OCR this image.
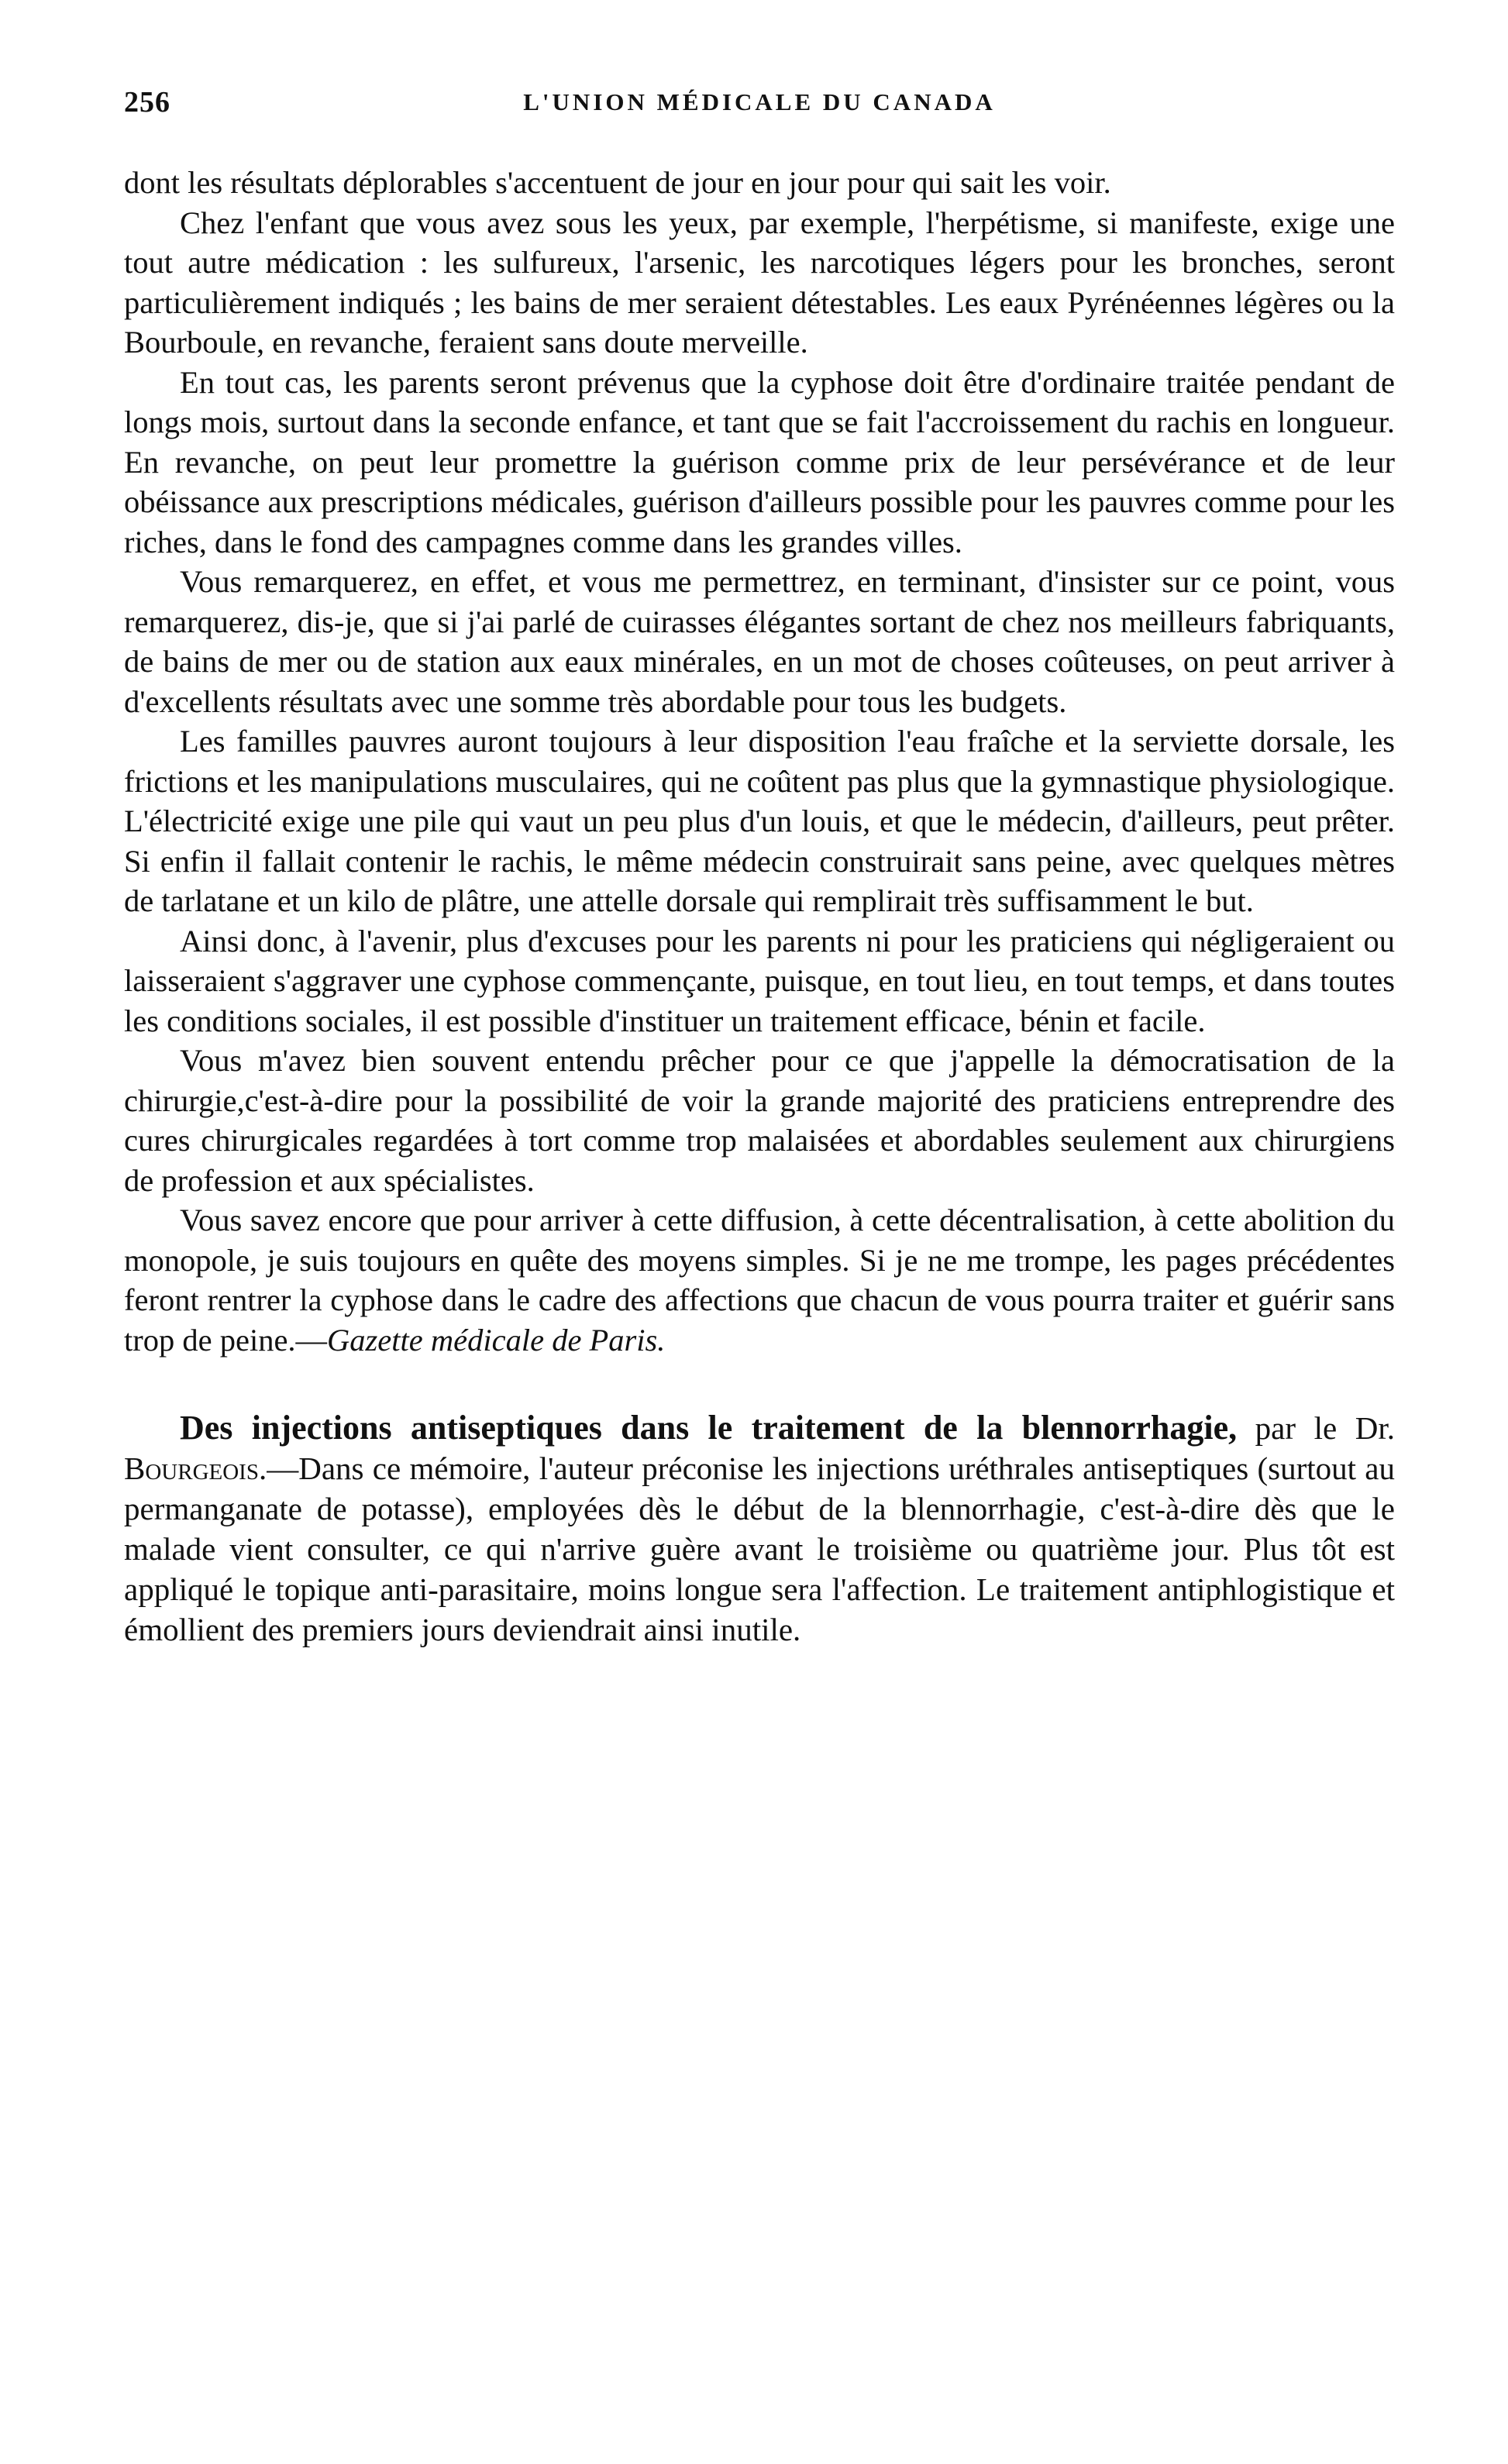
256	L'UNION MÉDICALE DU CANADA

dont les résultats déplorables s'accentuent de jour en jour pour qui sait les voir.

Chez l'enfant que vous avez sous les yeux, par exemple, l'herpétisme, si manifeste, exige une tout autre médication : les sulfureux, l'arsenic, les narcotiques légers pour les bronches, seront particulièrement indiqués ; les bains de mer seraient détestables. Les eaux Pyrénéennes légères ou la Bourboule, en revanche, feraient sans doute merveille.

En tout cas, les parents seront prévenus que la cyphose doit être d'ordinaire traitée pendant de longs mois, surtout dans la seconde enfance, et tant que se fait l'accroissement du rachis en longueur. En revanche, on peut leur promettre la guérison comme prix de leur persévérance et de leur obéissance aux prescriptions médicales, guérison d'ailleurs possible pour les pauvres comme pour les riches, dans le fond des campagnes comme dans les grandes villes.

Vous remarquerez, en effet, et vous me permettrez, en terminant, d'insister sur ce point, vous remarquerez, dis-je, que si j'ai parlé de cuirasses élégantes sortant de chez nos meilleurs fabriquants, de bains de mer ou de station aux eaux minérales, en un mot de choses coûteuses, on peut arriver à d'excellents résultats avec une somme très abordable pour tous les budgets.

Les familles pauvres auront toujours à leur disposition l'eau fraîche et la serviette dorsale, les frictions et les manipulations musculaires, qui ne coûtent pas plus que la gymnastique physiologique. L'électricité exige une pile qui vaut un peu plus d'un louis, et que le médecin, d'ailleurs, peut prêter. Si enfin il fallait contenir le rachis, le même médecin construirait sans peine, avec quelques mètres de tarlatane et un kilo de plâtre, une attelle dorsale qui remplirait très suffisamment le but.

Ainsi donc, à l'avenir, plus d'excuses pour les parents ni pour les praticiens qui négligeraient ou laisseraient s'aggraver une cyphose commençante, puisque, en tout lieu, en tout temps, et dans toutes les conditions sociales, il est possible d'instituer un traitement efficace, bénin et facile.

Vous m'avez bien souvent entendu prêcher pour ce que j'appelle la démocratisation de la chirurgie,c'est-à-dire pour la possibilité de voir la grande majorité des praticiens entreprendre des cures chirurgicales regardées à tort comme trop malaisées et abordables seulement aux chirurgiens de profession et aux spécialistes.

Vous savez encore que pour arriver à cette diffusion, à cette décentralisation, à cette abolition du monopole, je suis toujours en quête des moyens simples. Si je ne me trompe, les pages précédentes feront rentrer la cyphose dans le cadre des affections que chacun de vous pourra traiter et guérir sans trop de peine.—Gazette médicale de Paris.

Des injections antiseptiques dans le traitement de la blennorrhagie, par le Dr. Bourgeois.—Dans ce mémoire, l'auteur préconise les injections uréthrales antiseptiques (surtout au permanganate de potasse), employées dès le début de la blennorrhagie, c'est-à-dire dès que le malade vient consulter, ce qui n'arrive guère avant le troisième ou quatrième jour. Plus tôt est appliqué le topique anti-parasitaire, moins longue sera l'affection. Le traitement antiphlogistique et émollient des premiers jours deviendrait ainsi inutile.
